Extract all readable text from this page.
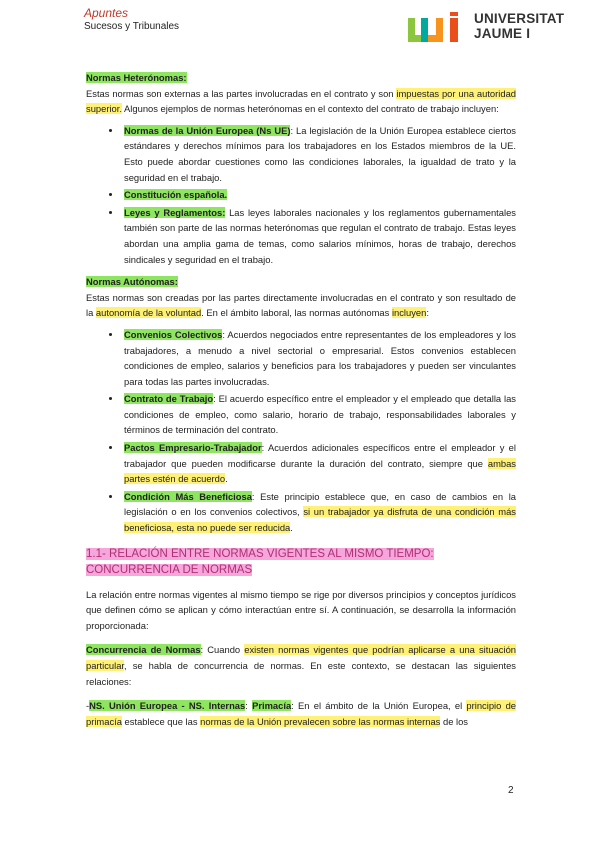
Apuntes
Sucesos y Tribunales
UNIVERSITAT
JAUME I

Normas Heterónomas:

Estas normas son externas a las partes involucradas en el contrato y son impuestas por una autoridad superior. Algunos ejemplos de normas heterónomas en el contexto del contrato de trabajo incluyen:

• Normas de la Unión Europea (Ns UE): La legislación de la Unión Europea establece ciertos estándares y derechos mínimos para los trabajadores en los Estados miembros de la UE. Esto puede abordar cuestiones como las condiciones laborales, la igualdad de trato y la seguridad en el trabajo.
• Constitución española.
• Leyes y Reglamentos: Las leyes laborales nacionales y los reglamentos gubernamentales también son parte de las normas heterónomas que regulan el contrato de trabajo. Estas leyes abordan una amplia gama de temas, como salarios mínimos, horas de trabajo, derechos sindicales y seguridad en el trabajo.

Normas Autónomas:

Estas normas son creadas por las partes directamente involucradas en el contrato y son resultado de la autonomía de la voluntad. En el ámbito laboral, las normas autónomas incluyen:

• Convenios Colectivos: Acuerdos negociados entre representantes de los empleadores y los trabajadores, a menudo a nivel sectorial o empresarial. Estos convenios establecen condiciones de empleo, salarios y beneficios para los trabajadores y pueden ser vinculantes para todas las partes involucradas.
• Contrato de Trabajo: El acuerdo específico entre el empleador y el empleado que detalla las condiciones de empleo, como salario, horario de trabajo, responsabilidades laborales y términos de terminación del contrato.
• Pactos Empresario-Trabajador: Acuerdos adicionales específicos entre el empleador y el trabajador que pueden modificarse durante la duración del contrato, siempre que ambas partes estén de acuerdo.
• Condición Más Beneficiosa: Este principio establece que, en caso de cambios en la legislación o en los convenios colectivos, si un trabajador ya disfruta de una condición más beneficiosa, esta no puede ser reducida.

1.1- RELACIÓN ENTRE NORMAS VIGENTES AL MISMO TIEMPO: CONCURRENCIA DE NORMAS

La relación entre normas vigentes al mismo tiempo se rige por diversos principios y conceptos jurídicos que definen cómo se aplican y cómo interactúan entre sí. A continuación, se desarrolla la información proporcionada:

Concurrencia de Normas: Cuando existen normas vigentes que podrían aplicarse a una situación particular, se habla de concurrencia de normas. En este contexto, se destacan las siguientes relaciones:

-NS. Unión Europea - NS. Internas: Primacía: En el ámbito de la Unión Europea, el principio de primacía establece que las normas de la Unión prevalecen sobre las normas internas de los

2
